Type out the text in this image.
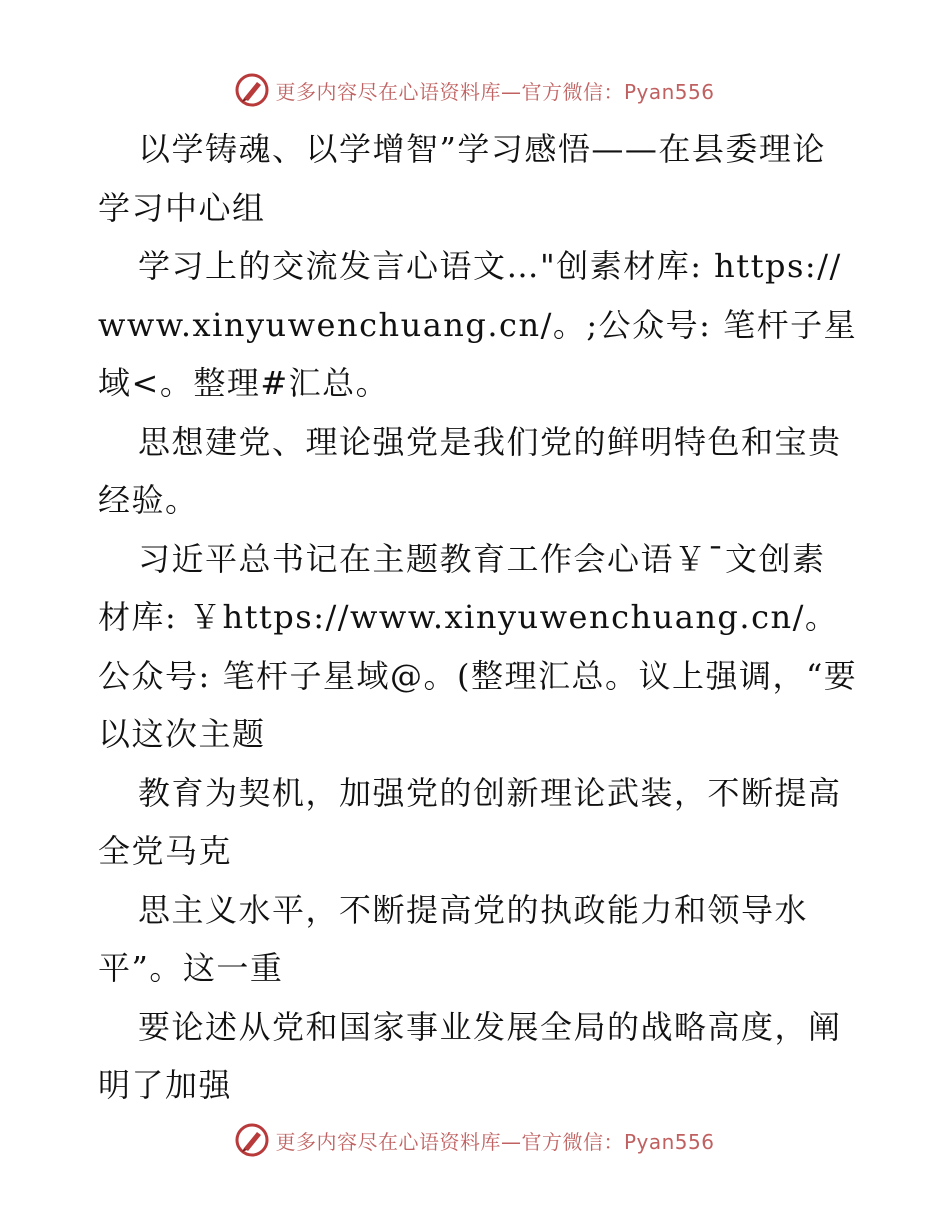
更多内容尽在心语资料库—官方微信：Pyan556

以学铸魂、以学增智”学习感悟——在县委理论学习中心组

学习上的交流发言心语文…"创素材库: https://www.xinyuwenchuang.cn/。;公众号: 笔杆子星域<。整理#汇总。

思想建党、理论强党是我们党的鲜明特色和宝贵经验。

习近平总书记在主题教育工作会心语￥¯文创素材库: ￥https://www.xinyuwenchuang.cn/。公众号: 笔杆子星域@。(整理汇总。议上强调，“要以这次主题

教育为契机，加强党的创新理论武装，不断提高全党马克

思主义水平，不断提高党的执政能力和领导水平”。这一重

要论述从党和国家事业发展全局的战略高度，阐明了加强

更多内容尽在心语资料库—官方微信：Pyan556
